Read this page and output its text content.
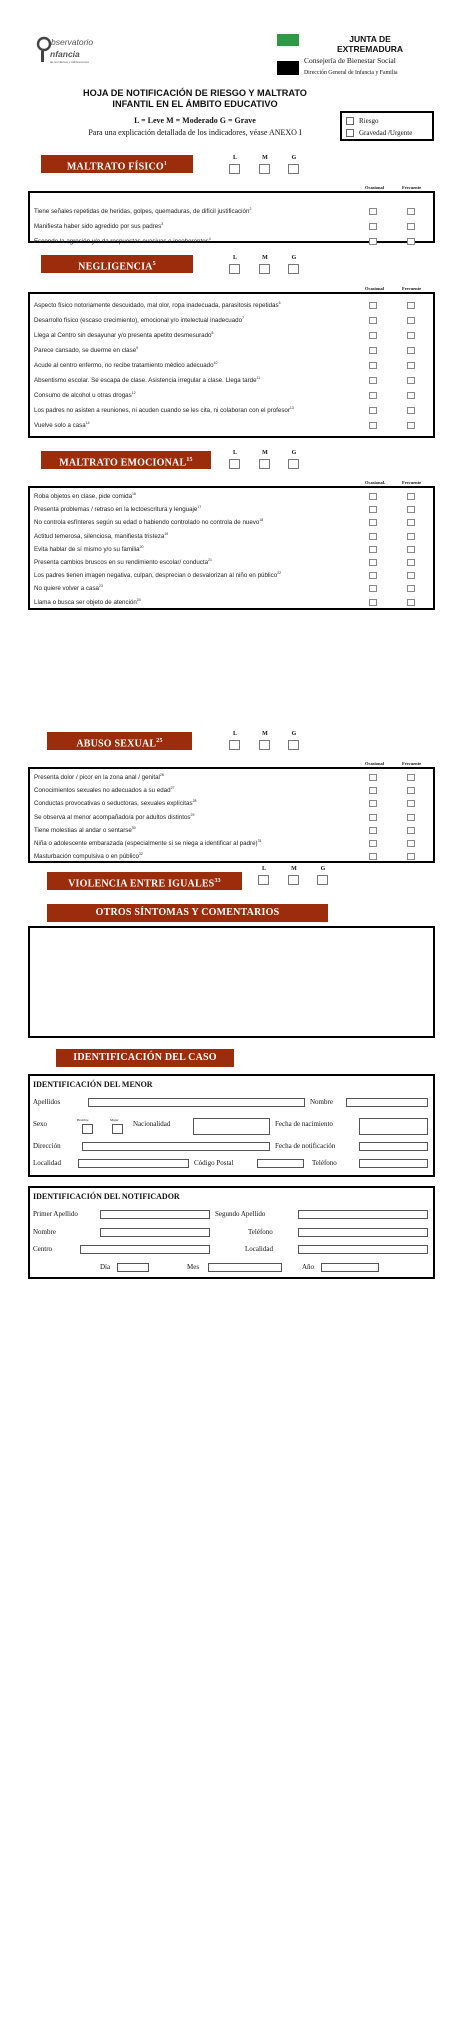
bservatorio
nfancia
de la Infancia y Adolescencia
JUNTA DE
EXTREMADURA
Consejería de Bienestar Social
Dirección General de Infancia y Familia
HOJA DE NOTIFICACIÓN DE RIESGO Y MALTRATO
INFANTIL EN EL ÁMBITO EDUCATIVO
L = Leve M = Moderado G = Grave
Para una explicación detallada de los indicadores, véase ANEXO I
Riesgo
Gravedad /Urgente
MALTRATO FÍSICO$^1$
L	M	G
Ocasional	Frecuente
Tiene señales repetidas de heridas, golpes, quemaduras, de difícil justificación$^2$
Manifiesta haber sido agredido por sus padres$^3$
Esconde la agresión y/o da respuestas evasivas o incoherentes$^4$
NEGLIGENCIA$^5$
L	M	G
Ocasional	Frecuente
Aspecto físico notoriamente descuidado, mal olor, ropa inadecuada, parasitosis repetidas$^6$
Desarrollo físico (escaso crecimiento), emocional y/o intelectual inadecuado$^7$
Llega al Centro sin desayunar y/o presenta apetito desmesurado$^8$
Parece cansado, se duerme en clase$^9$
Acude al centro enfermo, no recibe tratamiento médico adecuado$^{10}$
Absentismo escolar. Se escapa de clase. Asistencia irregular a clase. Llega tarde$^{11}$
Consumo de alcohol u otras drogas$^{12}$
Los padres no asisten a reuniones, ni acuden cuando se les cita, ni colaboran con el profesor$^{13}$
Vuelve solo a casa$^{14}$
MALTRATO EMOCIONAL$^{15}$
L	M	G
Ocasional.	Frecuente
Roba objetos en clase, pide comida$^{16}$
Presenta problemas / retraso en la lectoescritura y lenguaje$^{17}$
No controla esfínteres según su edad o habiendo controlado no controla de nuevo$^{18}$
Actitud temerosa, silenciosa, manifiesta tristeza$^{19}$
Evita hablar de sí mismo y/o su familia$^{20}$
Presenta cambios bruscos en su rendimiento escolar/ conducta$^{21}$
Los padres tienen imagen negativa, culpan, desprecian o desvalorizan al niño en público$^{22}$
No quiere volver a casa$^{23}$
Llama o busca ser objeto de atención$^{24}$
ABUSO SEXUAL$^{25}$
L	M	G
Ocasional	Frecuente
Presenta dolor / picor en la zona anal / genital$^{26}$
Conocimientos sexuales no adecuados a su edad$^{27}$
Conductas provocativas o seductoras, sexuales explícitas$^{28}$
Se observa al menor acompañado/a por adultos distintos$^{29}$
Tiene molestias al andar o sentarse$^{30}$
Niña o adolescente embarazada (especialmente si se niega a identificar al padre)$^{31}$
Masturbación compulsiva o en público$^{32}$
VIOLENCIA ENTRE IGUALES$^{33}$
L	M	G
OTROS SÍNTOMAS Y COMENTARIOS
IDENTIFICACIÓN DEL CASO
IDENTIFICACIÓN DEL MENOR
Apellidos	Nombre
Hombre	Mujer
Sexo	Nacionalidad	Fecha de nacimiento
Dirección	Fecha de notificación
Localidad	Código Postal	Teléfono
IDENTIFICACIÓN DEL NOTIFICADOR
Primer Apellido	Segundo Apellido
Nombre	Teléfono
Centro	Localidad
Día	Mes	Año
